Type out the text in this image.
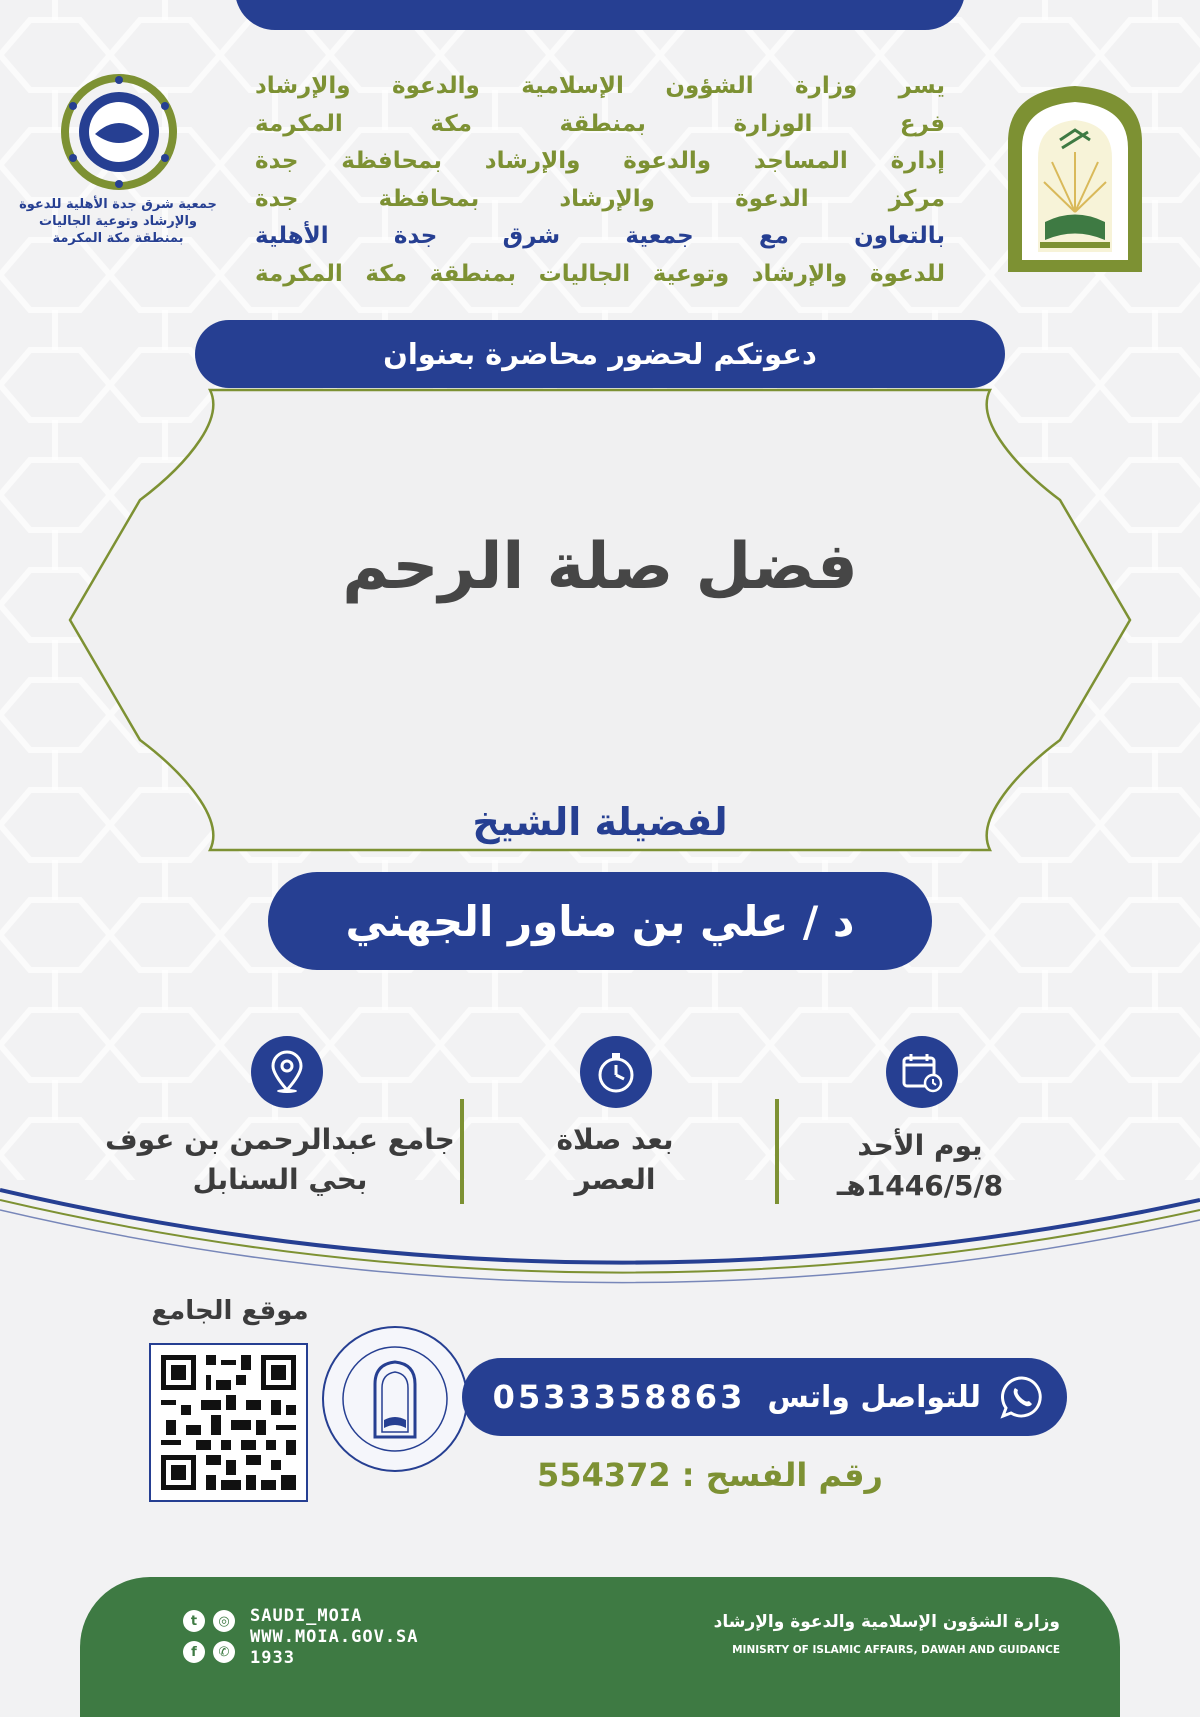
جمعية شرق جدة الأهلية للدعوة والإرشاد وتوعية الجاليات بمنطقة مكة المكرمة
يسر وزارة الشؤون الإسلامية والدعوة والإرشاد
فرع الوزارة بمنطقة مكة المكرمة
إدارة المساجد والدعوة والإرشاد بمحافظة جدة
مركز الدعوة والإرشاد بمحافظة جدة
بالتعاون مع جمعية شرق جدة الأهلية
للدعوة والإرشاد وتوعية الجاليات بمنطقة مكة المكرمة
دعوتكم لحضور محاضرة بعنوان
فضل صلة الرحم
لفضيلة الشيخ
د / علي بن مناور الجهني
يوم الأحد
1446/5/8هـ
بعد صلاة
العصر
جامع عبدالرحمن بن عوف
بحي السنابل
موقع الجامع
0533358863 للتواصل واتس
رقم الفسح : 554372
t	◎
f	✆
SAUDI_MOIA
WWW.MOIA.GOV.SA
1933
وزارة الشؤون الإسلامية والدعوة والإرشاد
MINISRTY OF ISLAMIC AFFAIRS, DAWAH AND GUIDANCE
